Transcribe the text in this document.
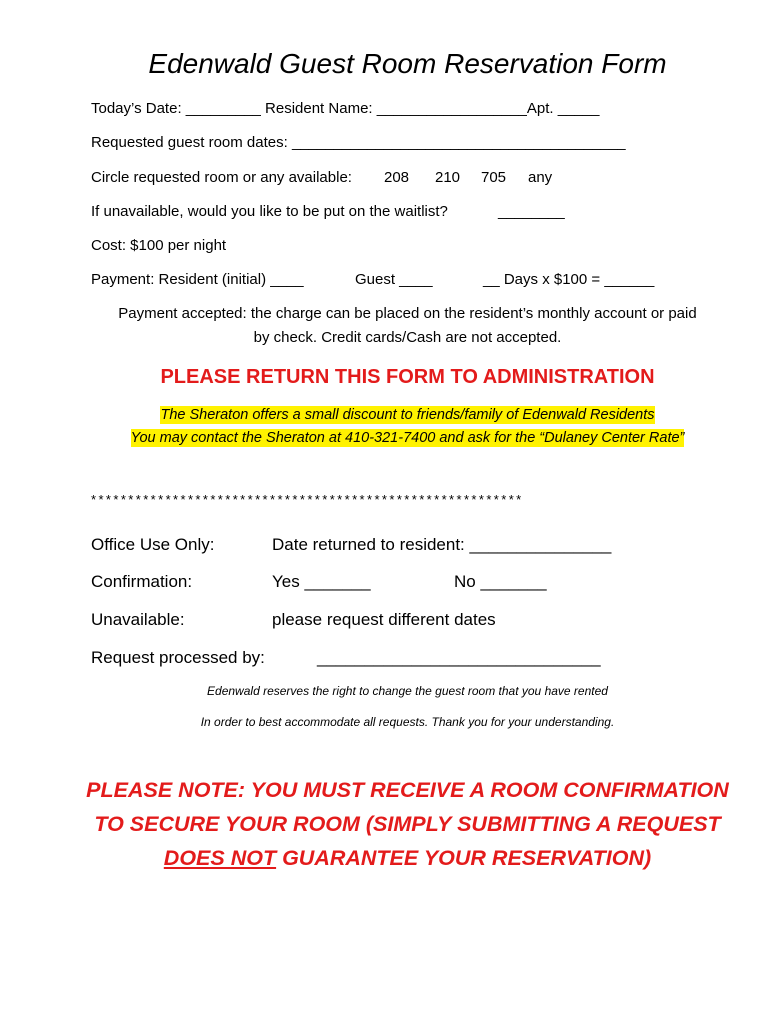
Edenwald Guest Room Reservation Form
Today’s Date: _________ Resident Name: __________________Apt. _____
Requested guest room dates: ________________________________________
Circle requested room or any available: 208 210 705 any
If unavailable, would you like to be put on the waitlist?	________
Cost: $100 per night
Payment: Resident (initial) ____	Guest ____	__ Days x $100 = ______
Payment accepted: the charge can be placed on the resident’s monthly account or paid
by check. Credit cards/Cash are not accepted.
PLEASE RETURN THIS FORM TO ADMINISTRATION
The Sheraton offers a small discount to friends/family of Edenwald Residents
You may contact the Sheraton at 410-321-7400 and ask for the “Dulaney Center Rate”
**********************************************************
Office Use Only:	Date returned to resident: _______________
Confirmation:	Yes _______	No _______
Unavailable:	please request different dates
Request processed by:	______________________________
Edenwald reserves the right to change the guest room that you have rented
In order to best accommodate all requests. Thank you for your understanding.
PLEASE NOTE: YOU MUST RECEIVE A ROOM CONFIRMATION
TO SECURE YOUR ROOM (SIMPLY SUBMITTING A REQUEST
DOES NOT GUARANTEE YOUR RESERVATION)
